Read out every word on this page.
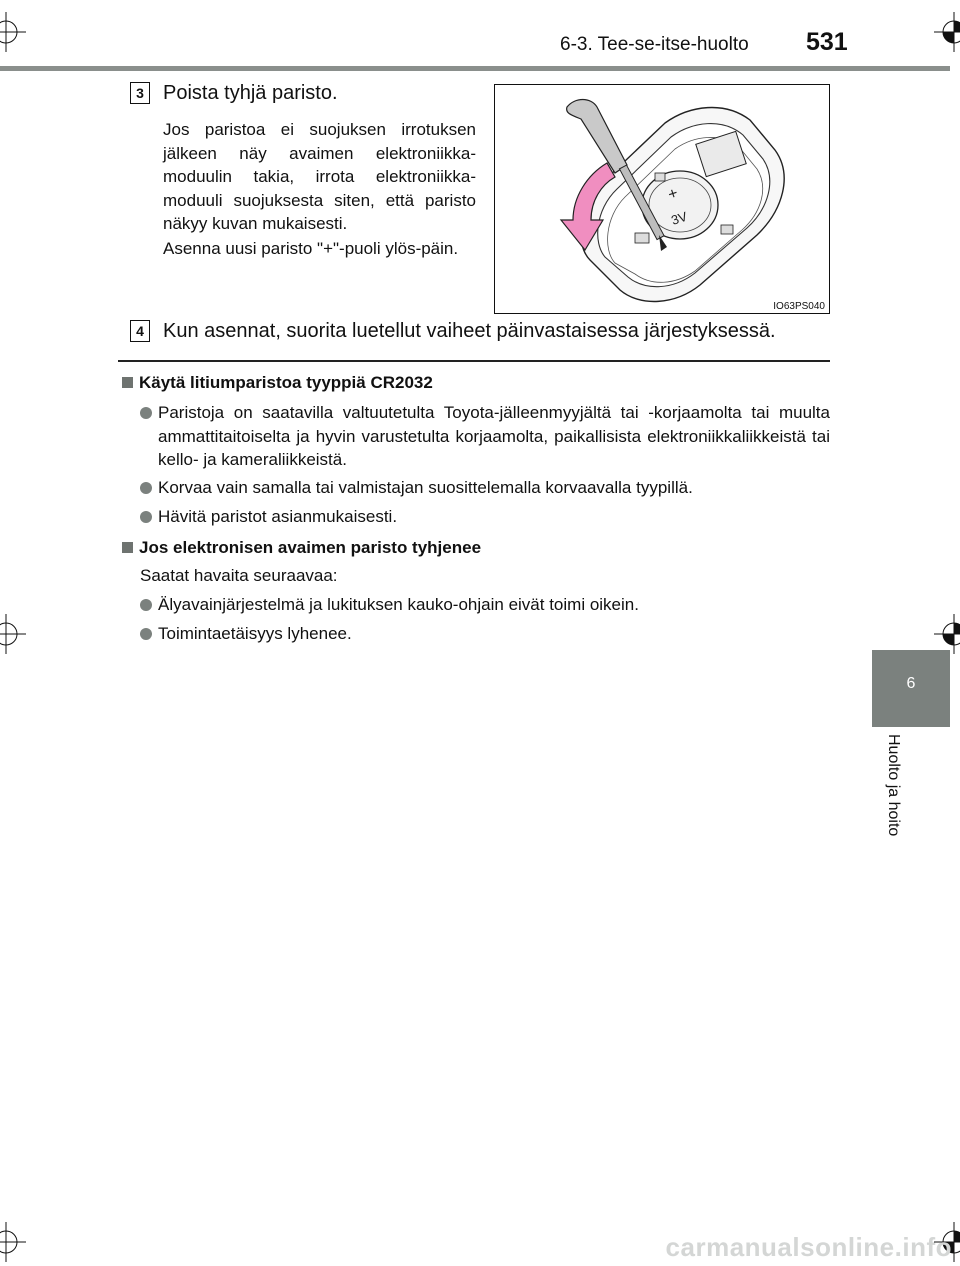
6-3. Tee-se-itse-huolto 531
6
Huolto ja hoito
3 Poista tyhjä paristo.
Jos paristoa ei suojuksen irrotuksen jälkeen näy avaimen elektroniikka-moduulin takia, irrota elektroniikka-moduuli suojuksesta siten, että paristo näkyy kuvan mukaisesti.
Asenna uusi paristo "+"-puoli ylös-päin.
+
3V
IO63PS040
4 Kun asennat, suorita luetellut vaiheet päinvastaisessa järjestyksessä.
Käytä litiumparistoa tyyppiä CR2032
Paristoja on saatavilla valtuutetulta Toyota-jälleenmyyjältä tai -korjaamolta tai muulta ammattitaitoiselta ja hyvin varustetulta korjaamolta, paikallisista elektroniikkaliikkeistä tai kello- ja kameraliikkeistä.
Korvaa vain samalla tai valmistajan suosittelemalla korvaavalla tyypillä.
Hävitä paristot asianmukaisesti.
Jos elektronisen avaimen paristo tyhjenee
Saatat havaita seuraavaa:
Älyavainjärjestelmä ja lukituksen kauko-ohjain eivät toimi oikein.
Toimintaetäisyys lyhenee.
carmanualsonline.info
